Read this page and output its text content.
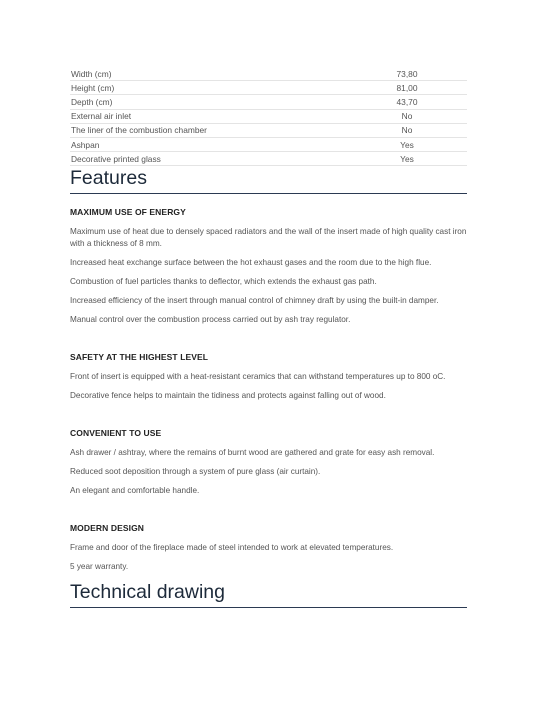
Width (cm)	73,80
Height (cm)	81,00
Depth (cm)	43,70
External air inlet	No
The liner of the combustion chamber	No
Ashpan	Yes
Decorative printed glass	Yes
Features
MAXIMUM USE OF ENERGY

Maximum use of heat due to densely spaced radiators and the wall of the insert made of high quality cast iron with a thickness of 8 mm.

Increased heat exchange surface between the hot exhaust gases and the room due to the high flue.

Combustion of fuel particles thanks to deflector, which extends the exhaust gas path.

Increased efficiency of the insert through manual control of chimney draft by using the built-in damper.

Manual control over the combustion process carried out by ash tray regulator.

SAFETY AT THE HIGHEST LEVEL

Front of insert is equipped with a heat-resistant ceramics that can withstand temperatures up to 800 oC.

Decorative fence helps to maintain the tidiness and protects against falling out of wood.

CONVENIENT TO USE

Ash drawer / ashtray, where the remains of burnt wood are gathered and grate for easy ash removal.

Reduced soot deposition through a system of pure glass (air curtain).

An elegant and comfortable handle.

MODERN DESIGN

Frame and door of the fireplace made of steel intended to work at elevated temperatures.

5 year warranty.

Technical drawing
